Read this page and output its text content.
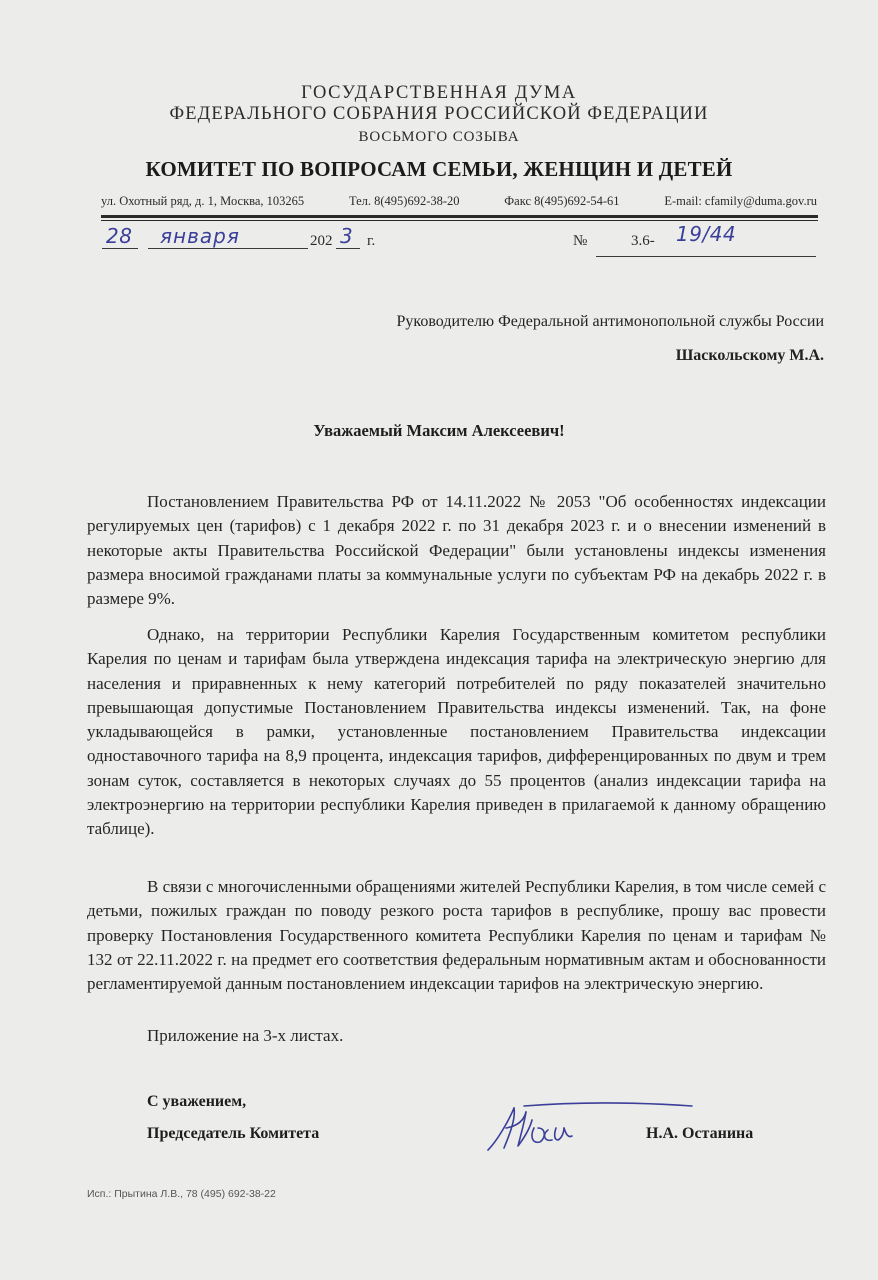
ГОСУДАРСТВЕННАЯ ДУМА
ФЕДЕРАЛЬНОГО СОБРАНИЯ РОССИЙСКОЙ ФЕДЕРАЦИИ
ВОСЬМОГО СОЗЫВА
КОМИТЕТ ПО ВОПРОСАМ СЕМЬИ, ЖЕНЩИН И ДЕТЕЙ
ул. Охотный ряд, д. 1, Москва, 103265	Тел. 8(495)692-38-20	Факс 8(495)692-54-61	E-mail: cfamily@duma.gov.ru
28 января	202 3 г.	№	3.6- 19/44
Руководителю Федеральной антимонопольной службы России
Шаскольскому М.А.
Уважаемый Максим Алексеевич!
Постановлением Правительства РФ от 14.11.2022 № 2053 "Об особенностях индексации регулируемых цен (тарифов) с 1 декабря 2022 г. по 31 декабря 2023 г. и о внесении изменений в некоторые акты Правительства Российской Федерации" были установлены индексы изменения размера вносимой гражданами платы за коммунальные услуги по субъектам РФ на декабрь 2022 г. в размере 9%.
Однако, на территории Республики Карелия Государственным комитетом республики Карелия по ценам и тарифам была утверждена индексация тарифа на электрическую энергию для населения и приравненных к нему категорий потребителей по ряду показателей значительно превышающая допустимые Постановлением Правительства индексы изменений. Так, на фоне укладывающейся в рамки, установленные постановлением Правительства индексации одноставочного тарифа на 8,9 процента, индексация тарифов, дифференцированных по двум и трем зонам суток, составляется в некоторых случаях до 55 процентов (анализ индексации тарифа на электроэнергию на территории республики Карелия приведен в прилагаемой к данному обращению таблице).
В связи с многочисленными обращениями жителей Республики Карелия, в том числе семей с детьми, пожилых граждан по поводу резкого роста тарифов в республике, прошу вас провести проверку Постановления Государственного комитета Республики Карелия по ценам и тарифам № 132 от 22.11.2022 г. на предмет его соответствия федеральным нормативным актам и обоснованности регламентируемой данным постановлением индексации тарифов на электрическую энергию.
Приложение на 3-х листах.
С уважением,
Председатель Комитета	Н.А. Останина
Исп.: Прытина Л.В., 78 (495) 692-38-22
